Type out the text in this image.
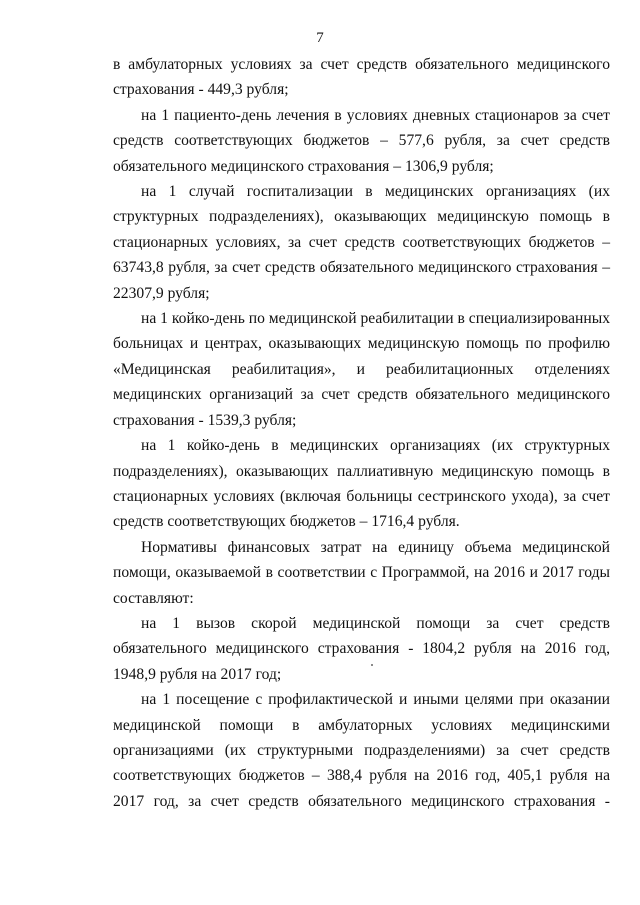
7

в амбулаторных условиях за счет средств обязательного медицинского страхования - 449,3 рубля;

на 1 пациенто-день лечения в условиях дневных стационаров за счет средств соответствующих бюджетов – 577,6 рубля, за счет средств обязательного медицинского страхования – 1306,9 рубля;

на 1 случай госпитализации в медицинских организациях (их структурных подразделениях), оказывающих медицинскую помощь в стационарных условиях, за счет средств соответствующих бюджетов – 63743,8 рубля, за счет средств обязательного медицинского страхования – 22307,9 рубля;

на 1 койко-день по медицинской реабилитации в специализированных больницах и центрах, оказывающих медицинскую помощь по профилю «Медицинская реабилитация», и реабилитационных отделениях медицинских организаций за счет средств обязательного медицинского страхования - 1539,3 рубля;

на 1 койко-день в медицинских организациях (их структурных подразделениях), оказывающих паллиативную медицинскую помощь в стационарных условиях (включая больницы сестринского ухода), за счет средств соответствующих бюджетов – 1716,4 рубля.

Нормативы финансовых затрат на единицу объема медицинской помощи, оказываемой в соответствии с Программой, на 2016 и 2017 годы составляют:

на 1 вызов скорой медицинской помощи за счет средств обязательного медицинского страхования - 1804,2 рубля на 2016 год, 1948,9 рубля на 2017 год;

на 1 посещение с профилактической и иными целями при оказании медицинской помощи в амбулаторных условиях медицинскими организациями (их структурными подразделениями) за счет средств соответствующих бюджетов – 388,4 рубля на 2016 год, 405,1 рубля на 2017 год, за счет средств обязательного медицинского страхования -
